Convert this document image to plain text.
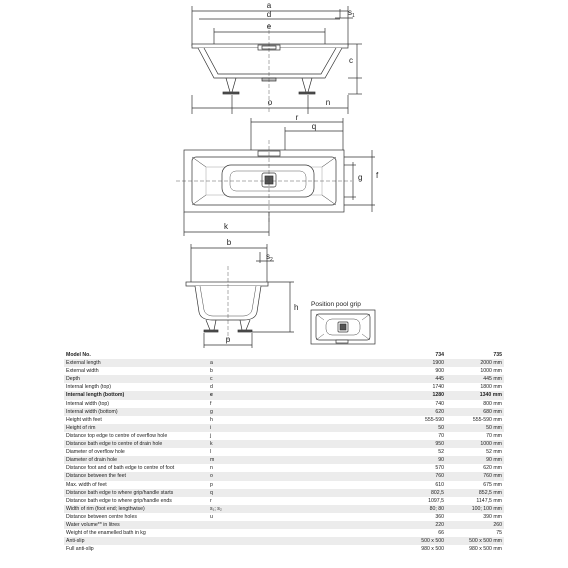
a
$s_1$
d
e
c
o	n
r
q
g f
k
b
$s_2$
h
p
Position pool grip
Model No.		734	735
External length	a	1900	2000 mm
External width	b	900	1000 mm
Depth	c	445	445 mm
Internal length (top)	d	1740	1800 mm
Internal length (bottom)	e	1280	1340 mm
Internal width (top)	f	740	800 mm
Internal width (bottom)	g	620	680 mm
Height with feet	h	555-590	555-590 mm
Height of rim	i	50	50 mm
Distance top edge to centre of overflow hole	j	70	70 mm
Distance bath edge to centre of drain hole	k	950	1000 mm
Diameter of overflow hole	l	52	52 mm
Diameter of drain hole	m	90	90 mm
Distance foot and of bath edge to centre of foot	n	570	620 mm
Distance between the feet	o	760	760 mm
Max. width of feet	p	610	675 mm
Distance bath edge to where grip/handle starts	q	802,5	852,5 mm
Distance bath edge to where grip/handle ends	r	1097,5	1147,5 mm
Width of rim (foot end; lengthwise)	s₁; s₂	80; 80	100; 100 mm
Distance between centre holes	u	360	390 mm
Water volume** in litres		220	260
Weight of the enamelled bath in kg		66	75
Anti-slip		500 x 500	500 x 500 mm
Full anti-slip		980 x 500	980 x 500 mm
